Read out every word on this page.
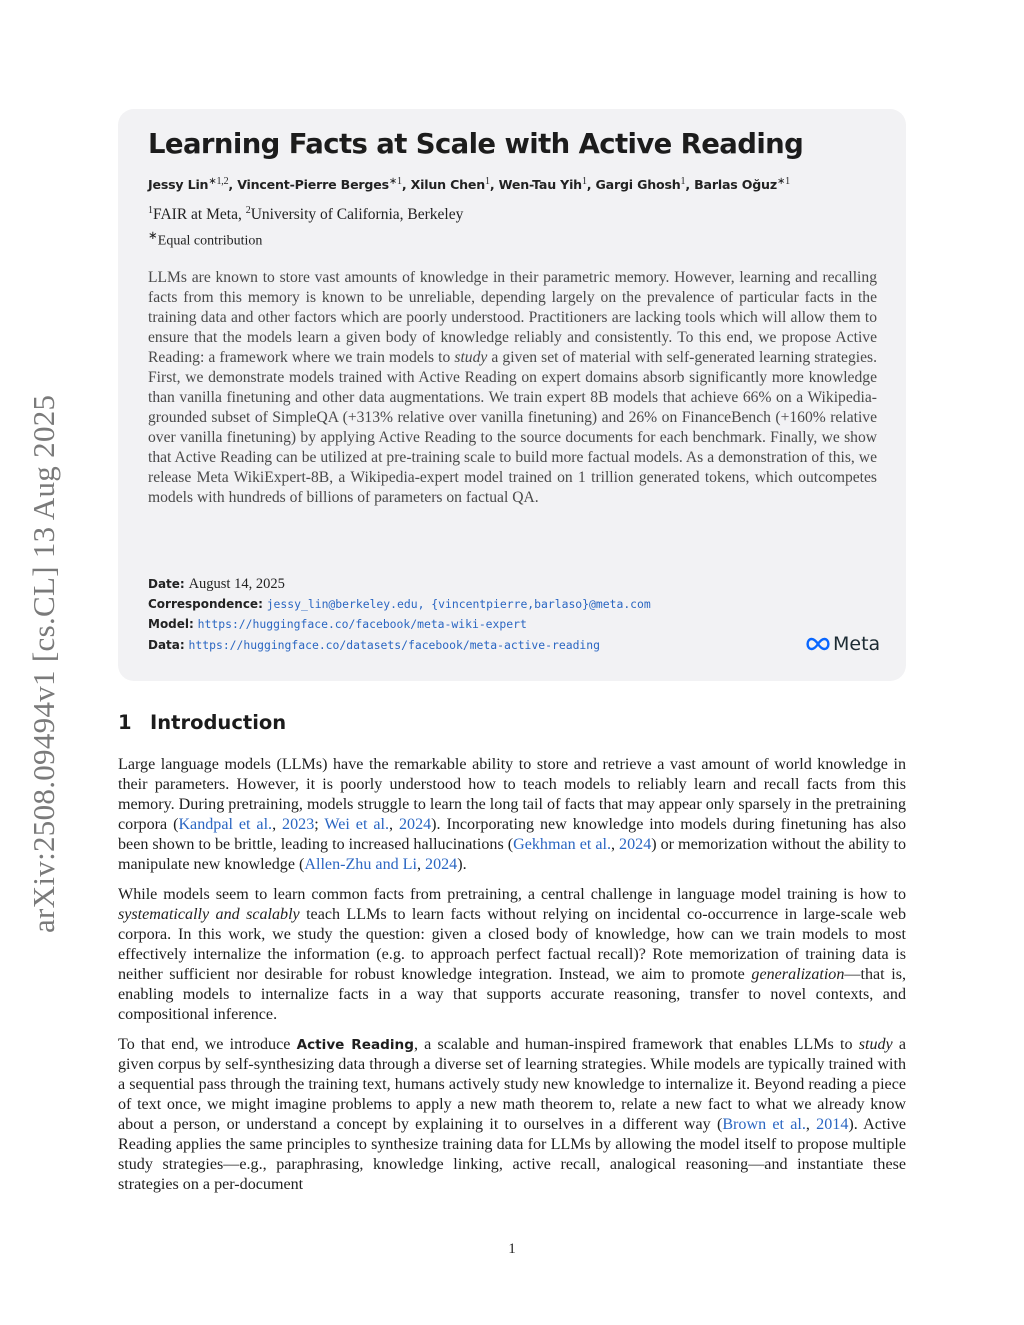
arXiv:2508.09494v1 [cs.CL] 13 Aug 2025
Learning Facts at Scale with Active Reading
Jessy Lin$^{∗1,2}$, Vincent-Pierre Berges$^{∗1}$, Xilun Chen$^1$, Wen-Tau Yih$^1$, Gargi Ghosh$^1$, Barlas Oğuz$^{∗1}$
$^1$FAIR at Meta, $^2$University of California, Berkeley
∗Equal contribution

LLMs are known to store vast amounts of knowledge in their parametric memory. However, learning and recalling facts from this memory is known to be unreliable, depending largely on the prevalence of particular facts in the training data and other factors which are poorly understood. Practitioners are lacking tools which will allow them to ensure that the models learn a given body of knowledge reliably and consistently. To this end, we propose Active Reading: a framework where we train models to study a given set of material with self-generated learning strategies. First, we demonstrate models trained with Active Reading on expert domains absorb significantly more knowledge than vanilla finetuning and other data augmentations. We train expert 8B models that achieve 66% on a Wikipedia-grounded subset of SimpleQA (+313% relative over vanilla finetuning) and 26% on FinanceBench (+160% relative over vanilla finetuning) by applying Active Reading to the source documents for each benchmark. Finally, we show that Active Reading can be utilized at pre-training scale to build more factual models. As a demonstration of this, we release Meta WikiExpert-8B, a Wikipedia-expert model trained on 1 trillion generated tokens, which outcompetes models with hundreds of billions of parameters on factual QA.

Date: August 14, 2025
Correspondence: jessy_lin@berkeley.edu, {vincentpierre,barlaso}@meta.com
Model: https://huggingface.co/facebook/meta-wiki-expert
Data: https://huggingface.co/datasets/facebook/meta-active-reading	Meta
1 Introduction

Large language models (LLMs) have the remarkable ability to store and retrieve a vast amount of world knowledge in their parameters. However, it is poorly understood how to teach models to reliably learn and recall facts from this memory. During pretraining, models struggle to learn the long tail of facts that may appear only sparsely in the pretraining corpora (Kandpal et al., 2023; Wei et al., 2024). Incorporating new knowledge into models during finetuning has also been shown to be brittle, leading to increased hallucinations (Gekhman et al., 2024) or memorization without the ability to manipulate new knowledge (Allen-Zhu and Li, 2024).

While models seem to learn common facts from pretraining, a central challenge in language model training is how to systematically and scalably teach LLMs to learn facts without relying on incidental co-occurrence in large-scale web corpora. In this work, we study the question: given a closed body of knowledge, how can we train models to most effectively internalize the information (e.g. to approach perfect factual recall)? Rote memorization of training data is neither sufficient nor desirable for robust knowledge integration. Instead, we aim to promote generalization—that is, enabling models to internalize facts in a way that supports accurate reasoning, transfer to novel contexts, and compositional inference.

To that end, we introduce Active Reading, a scalable and human-inspired framework that enables LLMs to study a given corpus by self-synthesizing data through a diverse set of learning strategies. While models are typically trained with a sequential pass through the training text, humans actively study new knowledge to internalize it. Beyond reading a piece of text once, we might imagine problems to apply a new math theorem to, relate a new fact to what we already know about a person, or understand a concept by explaining it to ourselves in a different way (Brown et al., 2014). Active Reading applies the same principles to synthesize training data for LLMs by allowing the model itself to propose multiple study strategies—e.g., paraphrasing, knowledge linking, active recall, analogical reasoning—and instantiate these strategies on a per-document

1
